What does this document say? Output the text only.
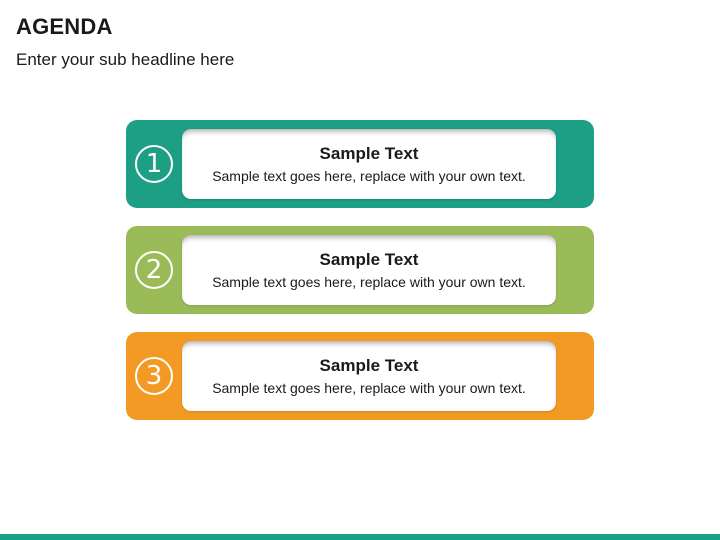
AGENDA
Enter your sub headline here
1	Sample Text
Sample text goes here, replace with your own text.
2	Sample Text
Sample text goes here, replace with your own text.
3	Sample Text
Sample text goes here, replace with your own text.
